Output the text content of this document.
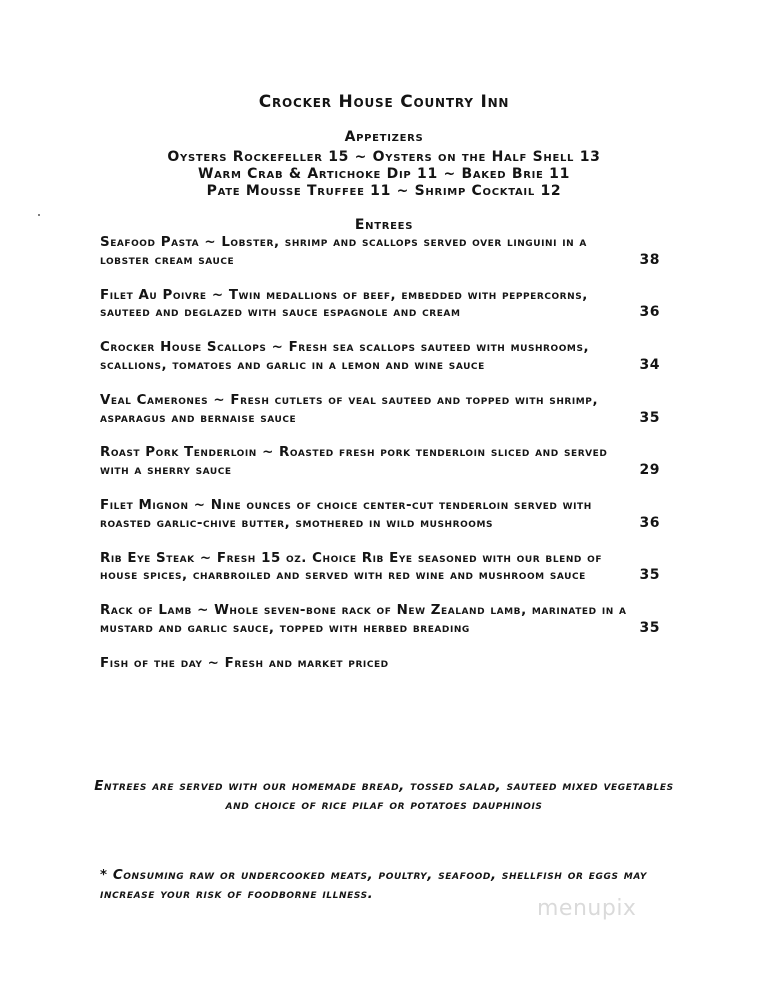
Crocker House Country Inn
Appetizers
Oysters Rockefeller 15 ~ Oysters on the Half Shell 13
Warm Crab & Artichoke Dip 11 ~ Baked Brie 11
Pate Mousse Truffee 11 ~ Shrimp Cocktail 12
Entrees
Seafood Pasta ~ Lobster, shrimp and scallops served over linguini in a lobster cream sauce	38
Filet Au Poivre ~ Twin medallions of beef, embedded with peppercorns, sauteed and deglazed with sauce espagnole and cream	36
Crocker House Scallops ~ Fresh sea scallops sauteed with mushrooms, scallions, tomatoes and garlic in a lemon and wine sauce	34
Veal Camerones ~ Fresh cutlets of veal sauteed and topped with shrimp, asparagus and bernaise sauce	35
Roast Pork Tenderloin ~ Roasted fresh pork tenderloin sliced and served with a sherry sauce	29
Filet Mignon ~ Nine ounces of choice center-cut tenderloin served with roasted garlic-chive butter, smothered in wild mushrooms	36
Rib Eye Steak ~ Fresh 15 oz. Choice Rib Eye seasoned with our blend of house spices, charbroiled and served with red wine and mushroom sauce	35
Rack of Lamb ~ Whole seven-bone rack of New Zealand lamb, marinated in a mustard and garlic sauce, topped with herbed breading	35
Fish of the day ~ Fresh and market priced
Entrees are served with our homemade bread, tossed salad, sauteed mixed vegetables and choice of rice pilaf or potatoes dauphinois
* Consuming raw or undercooked meats, poultry, seafood, shellfish or eggs may increase your risk of foodborne illness.
menupix
